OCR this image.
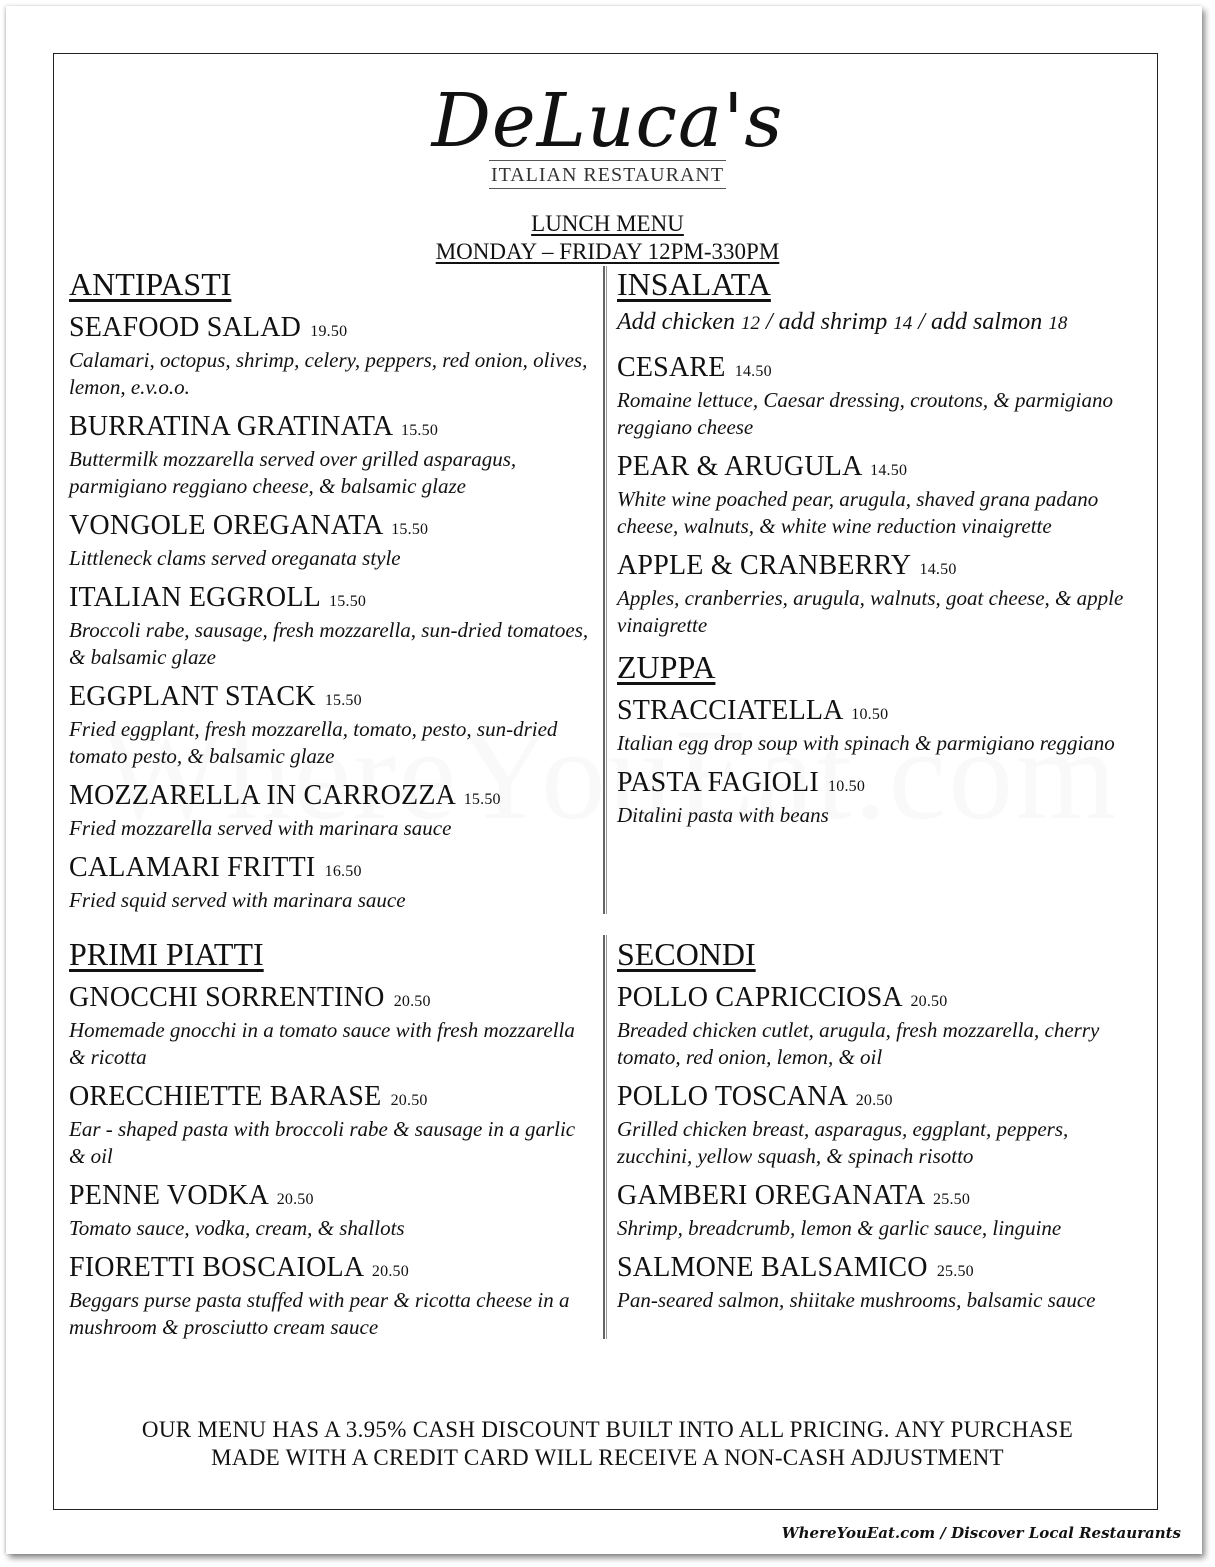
DeLuca's
ITALIAN RESTAURANT
LUNCH MENU
MONDAY – FRIDAY 12PM-330PM
ANTIPASTI
SEAFOOD SALAD 19.50
Calamari, octopus, shrimp, celery, peppers, red onion, olives, lemon, e.v.o.o.
BURRATINA GRATINATA 15.50
Buttermilk mozzarella served over grilled asparagus, parmigiano reggiano cheese, & balsamic glaze
VONGOLE OREGANATA 15.50
Littleneck clams served oreganata style
ITALIAN EGGROLL 15.50
Broccoli rabe, sausage, fresh mozzarella, sun-dried tomatoes, & balsamic glaze
EGGPLANT STACK 15.50
Fried eggplant, fresh mozzarella, tomato, pesto, sun-dried tomato pesto, & balsamic glaze
MOZZARELLA IN CARROZZA 15.50
Fried mozzarella served with marinara sauce
CALAMARI FRITTI 16.50
Fried squid served with marinara sauce
INSALATA
Add chicken 12 / add shrimp 14 / add salmon 18
CESARE 14.50
Romaine lettuce, Caesar dressing, croutons, & parmigiano reggiano cheese
PEAR & ARUGULA 14.50
White wine poached pear, arugula, shaved grana padano cheese, walnuts, & white wine reduction vinaigrette
APPLE & CRANBERRY 14.50
Apples, cranberries, arugula, walnuts, goat cheese, & apple vinaigrette
ZUPPA
STRACCIATELLA 10.50
Italian egg drop soup with spinach & parmigiano reggiano
PASTA FAGIOLI 10.50
Ditalini pasta with beans
PRIMI PIATTI
GNOCCHI SORRENTINO 20.50
Homemade gnocchi in a tomato sauce with fresh mozzarella & ricotta
ORECCHIETTE BARASE 20.50
Ear - shaped pasta with broccoli rabe & sausage in a garlic & oil
PENNE VODKA 20.50
Tomato sauce, vodka, cream, & shallots
FIORETTI BOSCAIOLA 20.50
Beggars purse pasta stuffed with pear & ricotta cheese in a mushroom & prosciutto cream sauce
SECONDI
POLLO CAPRICCIOSA 20.50
Breaded chicken cutlet, arugula, fresh mozzarella, cherry tomato, red onion, lemon, & oil
POLLO TOSCANA 20.50
Grilled chicken breast, asparagus, eggplant, peppers, zucchini, yellow squash, & spinach risotto
GAMBERI OREGANATA 25.50
Shrimp, breadcrumb, lemon & garlic sauce, linguine
SALMONE BALSAMICO 25.50
Pan-seared salmon, shiitake mushrooms, balsamic sauce
OUR MENU HAS A 3.95% CASH DISCOUNT BUILT INTO ALL PRICING. ANY PURCHASE
MADE WITH A CREDIT CARD WILL RECEIVE A NON-CASH ADJUSTMENT
WhereYouEat.com / Discover Local Restaurants
